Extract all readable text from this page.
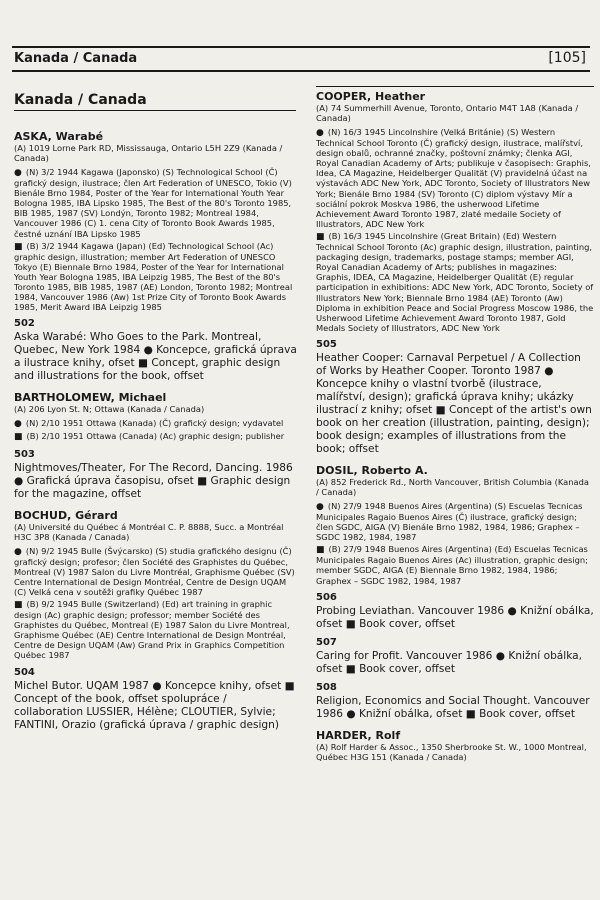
Kanada / Canada	[105]
Kanada / Canada
ASKA, Warabé
(A) 1019 Lorne Park RD, Mississauga, Ontario L5H 2Z9 (Kanada / Canada)
● (N) 3/2 1944 Kagawa (Japonsko) (S) Technological School (Č) grafický design, ilustrace; člen Art Federation of UNESCO, Tokio (V) Bienále Brno 1984, Poster of the Year for International Youth Year Bologna 1985, IBA Lipsko 1985, The Best of the 80's Toronto 1985, BIB 1985, 1987 (SV) Londýn, Toronto 1982; Montreal 1984, Vancouver 1986 (C) 1. cena City of Toronto Book Awards 1985, čestné uznání IBA Lipsko 1985
■ (B) 3/2 1944 Kagawa (Japan) (Ed) Technological School (Ac) graphic design, illustration; member Art Federation of UNESCO Tokyo (E) Biennale Brno 1984, Poster of the Year for International Youth Year Bologna 1985, IBA Leipzig 1985, The Best of the 80's Toronto 1985, BIB 1985, 1987 (AE) London, Toronto 1982; Montreal 1984, Vancouver 1986 (Aw) 1st Prize City of Toronto Book Awards 1985, Merit Award IBA Leipzig 1985
502
Aska Warabé: Who Goes to the Park. Montreal, Quebec, New York 1984 ● Koncepce, grafická úprava a ilustrace knihy, ofset ■ Concept, graphic design and illustrations for the book, offset
BARTHOLOMEW, Michael
(A) 206 Lyon St. N; Ottawa (Kanada / Canada)
● (N) 2/10 1951 Ottawa (Kanada) (Č) grafický design; vydavatel
■ (B) 2/10 1951 Ottawa (Canada) (Ac) graphic design; publisher
503
Nightmoves/Theater, For The Record, Dancing. 1986 ● Grafická úprava časopisu, ofset ■ Graphic design for the magazine, offset
BOCHUD, Gérard
(A) Université du Québec á Montréal C. P. 8888, Succ. a Montréal H3C 3P8 (Kanada / Canada)
● (N) 9/2 1945 Bulle (Švýcarsko) (S) studia grafického designu (Č) grafický design; profesor; člen Société des Graphistes du Québec, Montreal (V) 1987 Salon du Livre Montréal, Graphisme Québec (SV) Centre International de Design Montréal, Centre de Design UQAM (C) Velká cena v soutěži grafiky Québec 1987
■ (B) 9/2 1945 Bulle (Switzerland) (Ed) art training in graphic design (Ac) graphic design; professor; member Société des Graphistes du Québec, Montreal (E) 1987 Salon du Livre Montreal, Graphisme Québec (AE) Centre International de Design Montréal, Centre de Design UQAM (Aw) Grand Prix in Graphics Competition Québec 1987
504
Michel Butor. UQAM 1987 ● Koncepce knihy, ofset ■ Concept of the book, offset spolupráce / collaboration LUSSIER, Hélène; CLOUTIER, Sylvie; FANTINI, Orazio (grafická úprava / graphic design)
COOPER, Heather
(A) 74 Summerhill Avenue, Toronto, Ontario M4T 1A8 (Kanada / Canada)
● (N) 16/3 1945 Lincolnshire (Velká Británie) (S) Western Technical School Toronto (Č) grafický design, ilustrace, malířství, design obalů, ochranné značky, poštovní známky; členka AGI, Royal Canadian Academy of Arts; publikuje v časopisech: Graphis, Idea, CA Magazine, Heidelberger Qualität (V) pravidelná účast na výstavách ADC New York, ADC Toronto, Society of Illustrators New York; Bienále Brno 1984 (SV) Toronto (C) diplom výstavy Mír a sociální pokrok Moskva 1986, the usherwood Lifetime Achievement Award Toronto 1987, zlaté medaile Society of Illustrators, ADC New York
■ (B) 16/3 1945 Lincolnshire (Great Britain) (Ed) Western Technical School Toronto (Ac) graphic design, illustration, painting, packaging design, trademarks, postage stamps; member AGI, Royal Canadian Academy of Arts; publishes in magazines: Graphis, IDEA, CA Magazine, Heidelberger Qualität (E) regular participation in exhibitions: ADC New York, ADC Toronto, Society of Illustrators New York; Biennale Brno 1984 (AE) Toronto (Aw) Diploma in exhibition Peace and Social Progress Moscow 1986, the Usherwood Lifetime Achievement Award Toronto 1987, Gold Medals Society of Illustrators, ADC New York
505
Heather Cooper: Carnaval Perpetuel / A Collection of Works by Heather Cooper. Toronto 1987 ● Koncepce knihy o vlastní tvorbě (ilustrace, malířství, design); grafická úprava knihy; ukázky ilustrací z knihy; ofset ■ Concept of the artist's own book on her creation (illustration, painting, design); book design; examples of illustrations from the book; offset
DOSIL, Roberto A.
(A) 852 Frederick Rd., North Vancouver, British Columbia (Kanada / Canada)
● (N) 27/9 1948 Buenos Aires (Argentina) (S) Escuelas Tecnicas Municipales Ragaio Buenos Aires (Č) ilustrace, grafický design; člen SGDC, AIGA (V) Bienále Brno 1982, 1984, 1986; Graphex – SGDC 1982, 1984, 1987
■ (B) 27/9 1948 Buenos Aires (Argentina) (Ed) Escuelas Tecnicas Municipales Ragaio Buenos Aires (Ac) illustration, graphic design; member SGDC, AIGA (E) Biennale Brno 1982, 1984, 1986; Graphex – SGDC 1982, 1984, 1987
506
Probing Leviathan. Vancouver 1986 ● Knižní obálka, ofset ■ Book cover, offset
507
Caring for Profit. Vancouver 1986 ● Knižní obálka, ofset ■ Book cover, offset
508
Religion, Economics and Social Thought. Vancouver 1986 ● Knižní obálka, ofset ■ Book cover, offset
HARDER, Rolf
(A) Rolf Harder & Assoc., 1350 Sherbrooke St. W., 1000 Montreal, Québec H3G 151 (Kanada / Canada)
